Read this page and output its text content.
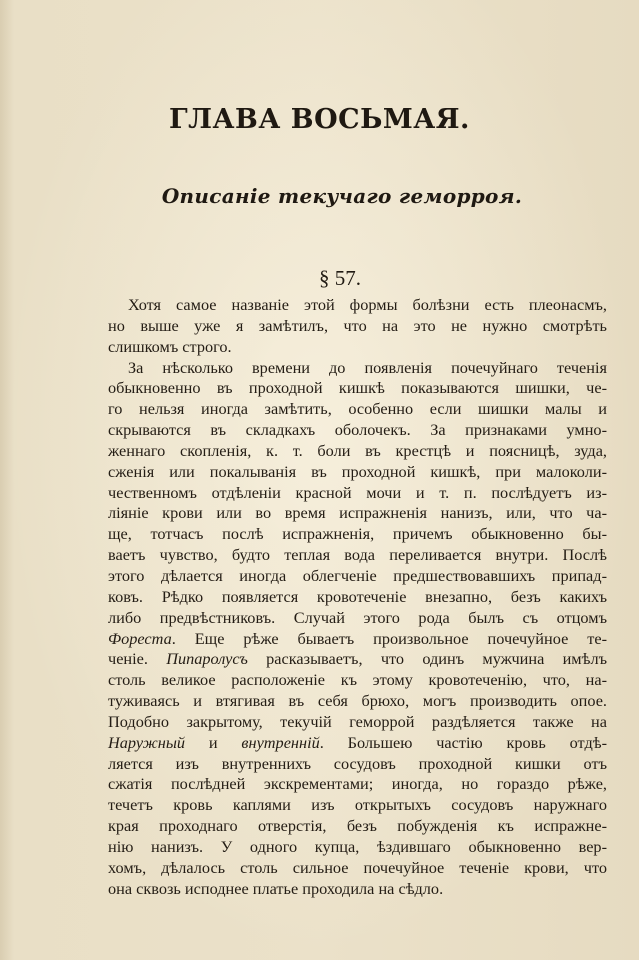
ГЛАВА ВОСЬМАЯ.
Описаніе текучаго геморроя.
§ 57.

Хотя самое названіе этой формы болѣзни есть плеонасмъ,

но выше уже я замѣтилъ, что на это не нужно смотрѣть

слишкомъ строго.

За нѣсколько времени до появленія почечуйнаго теченія

обыкновенно въ проходной кишкѣ показываются шишки, че-

го нельзя иногда замѣтить, особенно если шишки малы и

скрываются въ складкахъ оболочекъ. За признаками умно-

женнаго скопленія, к. т. боли въ крестцѣ и поясницѣ, зуда,

сженія или покалыванія въ проходной кишкѣ, при малоколи-

чественномъ отдѣленіи красной мочи и т. п. послѣдуетъ из-

ліяніе крови или во время испражненія нанизъ, или, что ча-

ще, тотчасъ послѣ испражненія, причемъ обыкновенно бы-

ваетъ чувство, будто теплая вода переливается внутри. Послѣ

этого дѣлается иногда облегченіе предшествовавшихъ припад-

ковъ. Рѣдко появляется кровотеченіе внезапно, безъ какихъ

либо предвѣстниковъ. Случай этого рода былъ съ отцомъ

Фореста. Еще рѣже бываетъ произвольное почечуйное те-

ченіе. Пипаролусъ расказываетъ, что одинъ мужчина имѣлъ

столь великое расположеніе къ этому кровотеченію, что, на-

туживаясь и втягивая въ себя брюхо, могъ производить опое.

Подобно закрытому, текучій геморрой раздѣляется также на

Наружный и внутренній. Большею частію кровь отдѣ-

ляется изъ внутреннихъ сосудовъ проходной кишки отъ

сжатія послѣдней экскрементами; иногда, но гораздо рѣже,

течетъ кровь каплями изъ открытыхъ сосудовъ наружнаго

края проходнаго отверстія, безъ побужденія къ испражне-

нію нанизъ. У одного купца, ѣздившаго обыкновенно вер-

хомъ, дѣлалось столь сильное почечуйное теченіе крови, что

она сквозь исподнее платье проходила на сѣдло.
